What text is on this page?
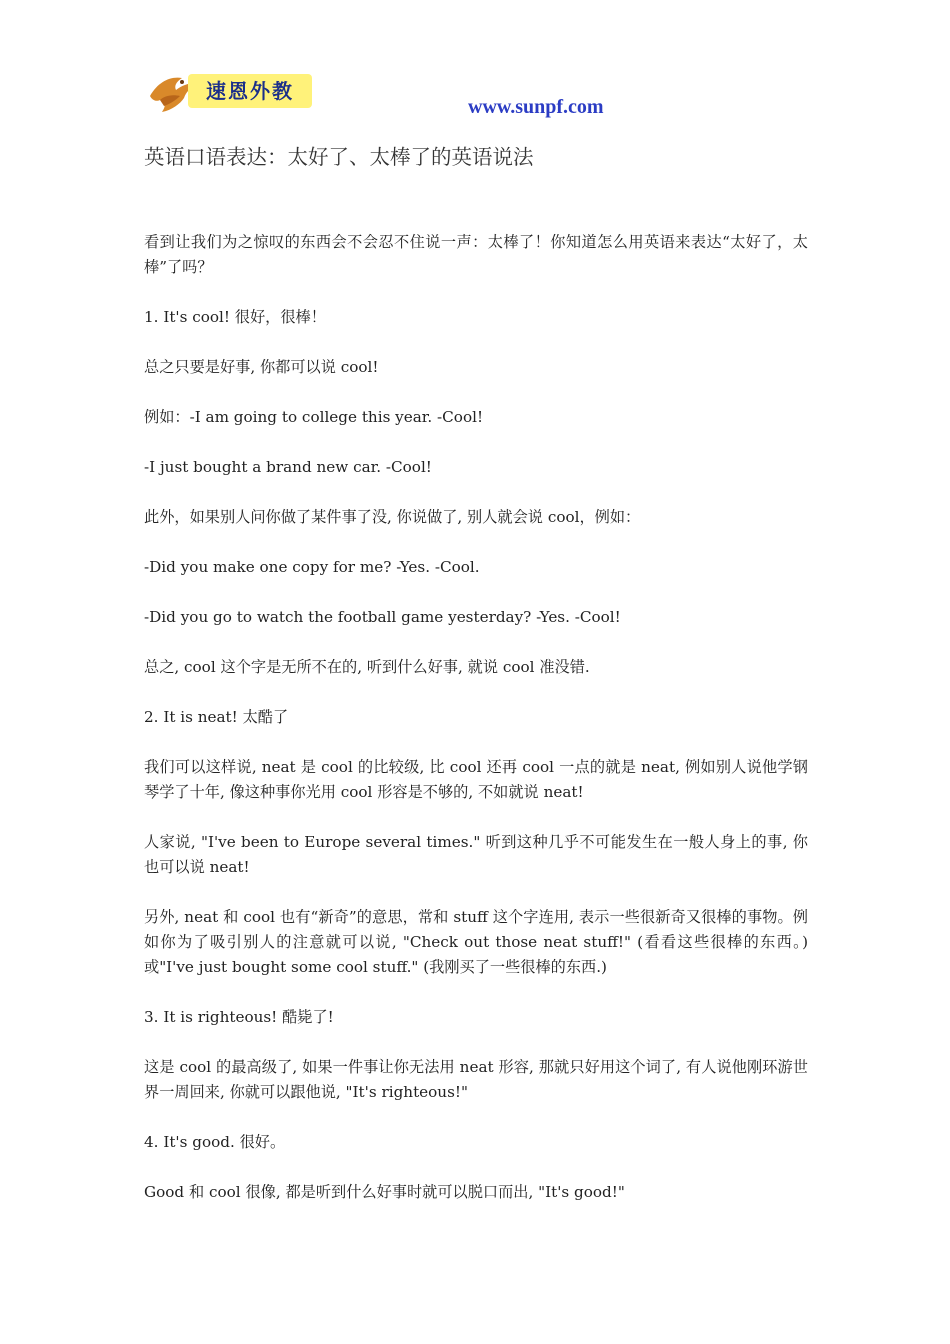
速恩外教
www.sunpf.com
英语口语表达：太好了、太棒了的英语说法

看到让我们为之惊叹的东西会不会忍不住说一声：太棒了！你知道怎么用英语来表达“太好了，太棒”了吗？

1. It's cool! 很好，很棒！

总之只要是好事, 你都可以说 cool!

例如：-I am going to college this year. -Cool!

-I just bought a brand new car. -Cool!

此外，如果别人问你做了某件事了没, 你说做了, 别人就会说 cool，例如：

-Did you make one copy for me? -Yes. -Cool.

-Did you go to watch the football game yesterday? -Yes. -Cool!

总之, cool 这个字是无所不在的, 听到什么好事, 就说 cool 准没错.

2. It is neat! 太酷了

我们可以这样说, neat 是 cool 的比较级, 比 cool 还再 cool 一点的就是 neat, 例如别人说他学钢琴学了十年, 像这种事你光用 cool 形容是不够的, 不如就说 neat!

人家说, "I've been to Europe several times." 听到这种几乎不可能发生在一般人身上的事, 你也可以说 neat!

另外, neat 和 cool 也有“新奇”的意思，常和 stuff 这个字连用, 表示一些很新奇又很棒的事物。例如你为了吸引别人的注意就可以说, "Check out those neat stuff!" (看看这些很棒的东西。) 或"I've just bought some cool stuff." (我刚买了一些很棒的东西.)

3. It is righteous! 酷毙了!

这是 cool 的最高级了, 如果一件事让你无法用 neat 形容, 那就只好用这个词了, 有人说他刚环游世界一周回来, 你就可以跟他说, "It's righteous!"

4. It's good. 很好。

Good 和 cool 很像, 都是听到什么好事时就可以脱口而出, "It's good!"
